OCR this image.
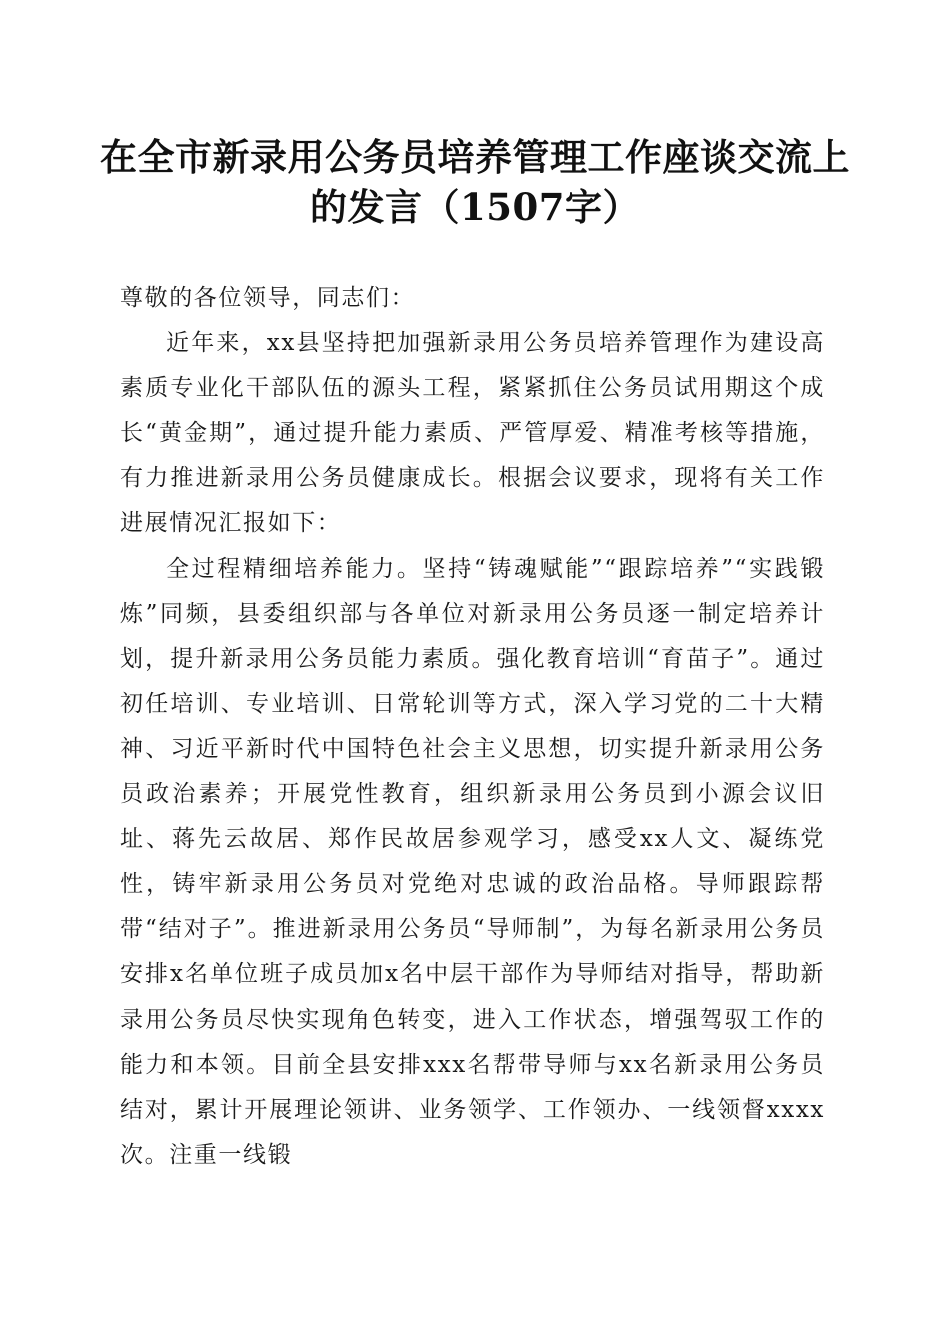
在全市新录用公务员培养管理工作座谈交流上
的发言（1507字）

尊敬的各位领导，同志们：

近年来，xx县坚持把加强新录用公务员培养管理作为建设高素质专业化干部队伍的源头工程，紧紧抓住公务员试用期这个成长“黄金期”，通过提升能力素质、严管厚爱、精准考核等措施，有力推进新录用公务员健康成长。根据会议要求，现将有关工作进展情况汇报如下：

全过程精细培养能力。坚持“铸魂赋能”“跟踪培养”“实践锻炼”同频，县委组织部与各单位对新录用公务员逐一制定培养计划，提升新录用公务员能力素质。强化教育培训“育苗子”。通过初任培训、专业培训、日常轮训等方式，深入学习党的二十大精神、习近平新时代中国特色社会主义思想，切实提升新录用公务员政治素养；开展党性教育，组织新录用公务员到小源会议旧址、蒋先云故居、郑作民故居参观学习，感受xx人文、凝练党性，铸牢新录用公务员对党绝对忠诚的政治品格。导师跟踪帮带“结对子”。推进新录用公务员“导师制”，为每名新录用公务员安排x名单位班子成员加x名中层干部作为导师结对指导，帮助新录用公务员尽快实现角色转变，进入工作状态，增强驾驭工作的能力和本领。目前全县安排xxx名帮带导师与xx名新录用公务员结对，累计开展理论领讲、业务领学、工作领办、一线领督xxxx次。注重一线锻
